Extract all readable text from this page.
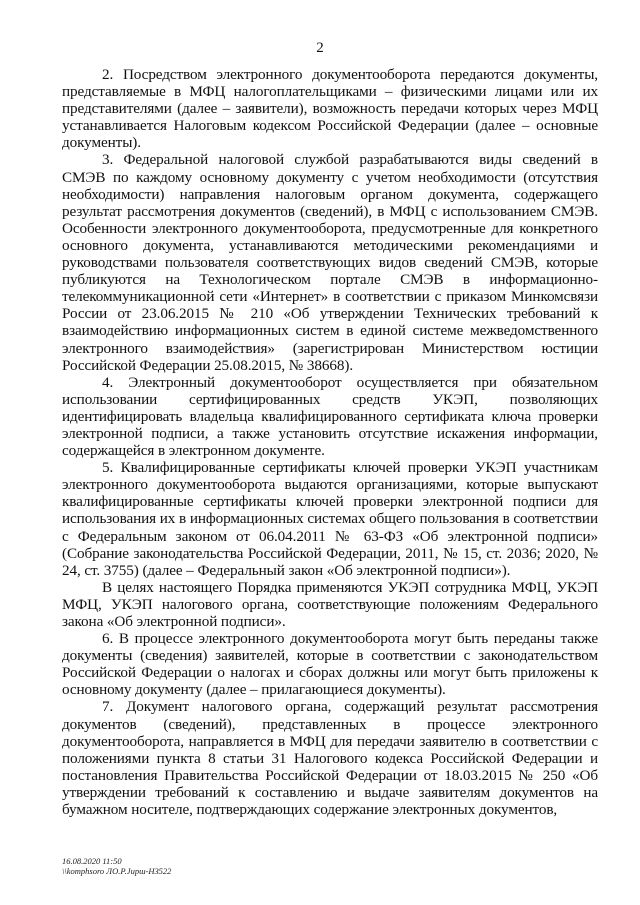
2

2. Посредством электронного документооборота передаются документы, представляемые в МФЦ налогоплательщиками – физическими лицами или их представителями (далее – заявители), возможность передачи которых через МФЦ устанавливается Налоговым кодексом Российской Федерации (далее – основные документы).

3. Федеральной налоговой службой разрабатываются виды сведений в СМЭВ по каждому основному документу с учетом необходимости (отсутствия необходимости) направления налоговым органом документа, содержащего результат рассмотрения документов (сведений), в МФЦ с использованием СМЭВ. Особенности электронного документооборота, предусмотренные для конкретного основного документа, устанавливаются методическими рекомендациями и руководствами пользователя соответствующих видов сведений СМЭВ, которые публикуются на Технологическом портале СМЭВ в информационно-телекоммуникационной сети «Интернет» в соответствии с приказом Минкомсвязи России от 23.06.2015 № 210 «Об утверждении Технических требований к взаимодействию информационных систем в единой системе межведомственного электронного взаимодействия» (зарегистрирован Министерством юстиции Российской Федерации 25.08.2015, № 38668).

4. Электронный документооборот осуществляется при обязательном использовании сертифицированных средств УКЭП, позволяющих идентифицировать владельца квалифицированного сертификата ключа проверки электронной подписи, а также установить отсутствие искажения информации, содержащейся в электронном документе.

5. Квалифицированные сертификаты ключей проверки УКЭП участникам электронного документооборота выдаются организациями, которые выпускают квалифицированные сертификаты ключей проверки электронной подписи для использования их в информационных системах общего пользования в соответствии с Федеральным законом от 06.04.2011 № 63-ФЗ «Об электронной подписи» (Собрание законодательства Российской Федерации, 2011, № 15, ст. 2036; 2020, № 24, ст. 3755) (далее – Федеральный закон «Об электронной подписи»).

В целях настоящего Порядка применяются УКЭП сотрудника МФЦ, УКЭП МФЦ, УКЭП налогового органа, соответствующие положениям Федерального закона «Об электронной подписи».

6. В процессе электронного документооборота могут быть переданы также документы (сведения) заявителей, которые в соответствии с законодательством Российской Федерации о налогах и сборах должны или могут быть приложены к основному документу (далее – прилагающиеся документы).

7. Документ налогового органа, содержащий результат рассмотрения документов (сведений), представленных в процессе электронного документооборота, направляется в МФЦ для передачи заявителю в соответствии с положениями пункта 8 статьи 31 Налогового кодекса Российской Федерации и постановления Правительства Российской Федерации от 18.03.2015 № 250 «Об утверждении требований к составлению и выдаче заявителям документов на бумажном носителе, подтверждающих содержание электронных документов,

16.08.2020 11:50
\\komphsoro ЛО.Р.Јирш-НЗ522
